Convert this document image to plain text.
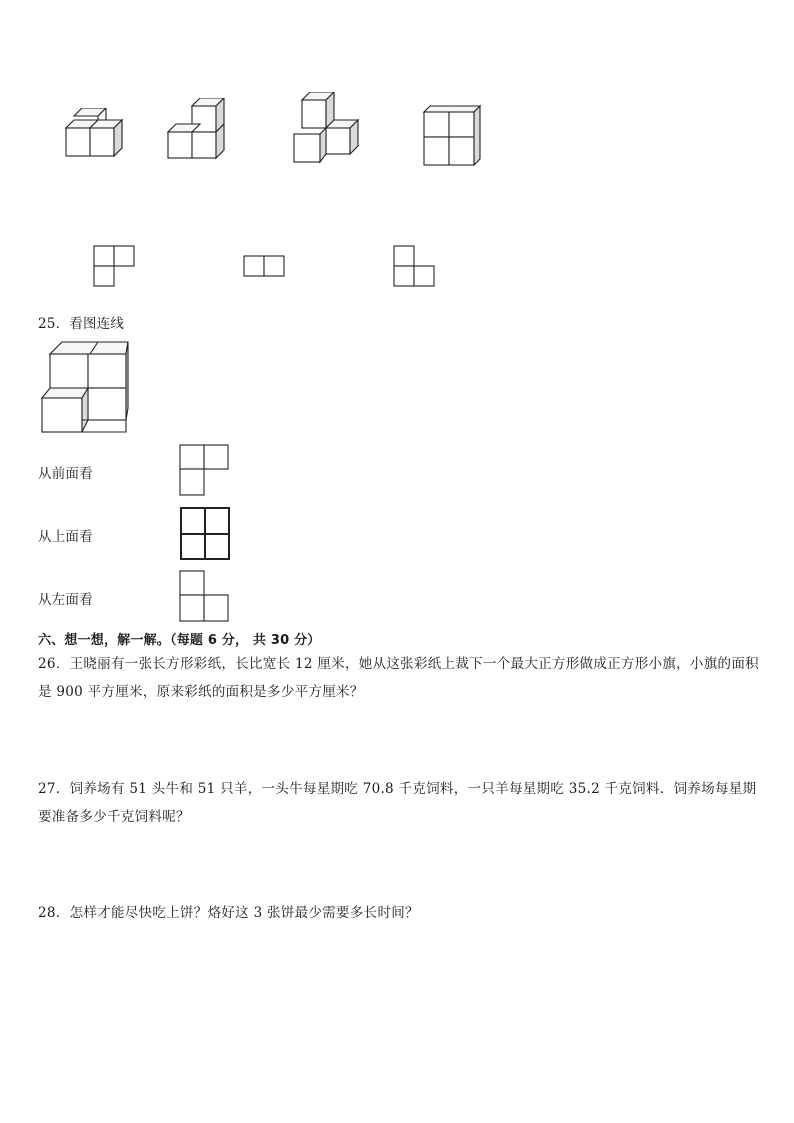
25．看图连线
从前面看
从上面看
从左面看
六、想一想，解一解。（每题 6 分， 共 30 分）
26．王晓丽有一张长方形彩纸，长比宽长 12 厘米，她从这张彩纸上裁下一个最大正方形做成正方形小旗，小旗的面积是 900 平方厘米，原来彩纸的面积是多少平方厘米？
27．饲养场有 51 头牛和 51 只羊，一头牛每星期吃 70.8 千克饲料，一只羊每星期吃 35.2 千克饲料．饲养场每星期要准备多少千克饲料呢？
28．怎样才能尽快吃上饼？烙好这 3 张饼最少需要多长时间？
